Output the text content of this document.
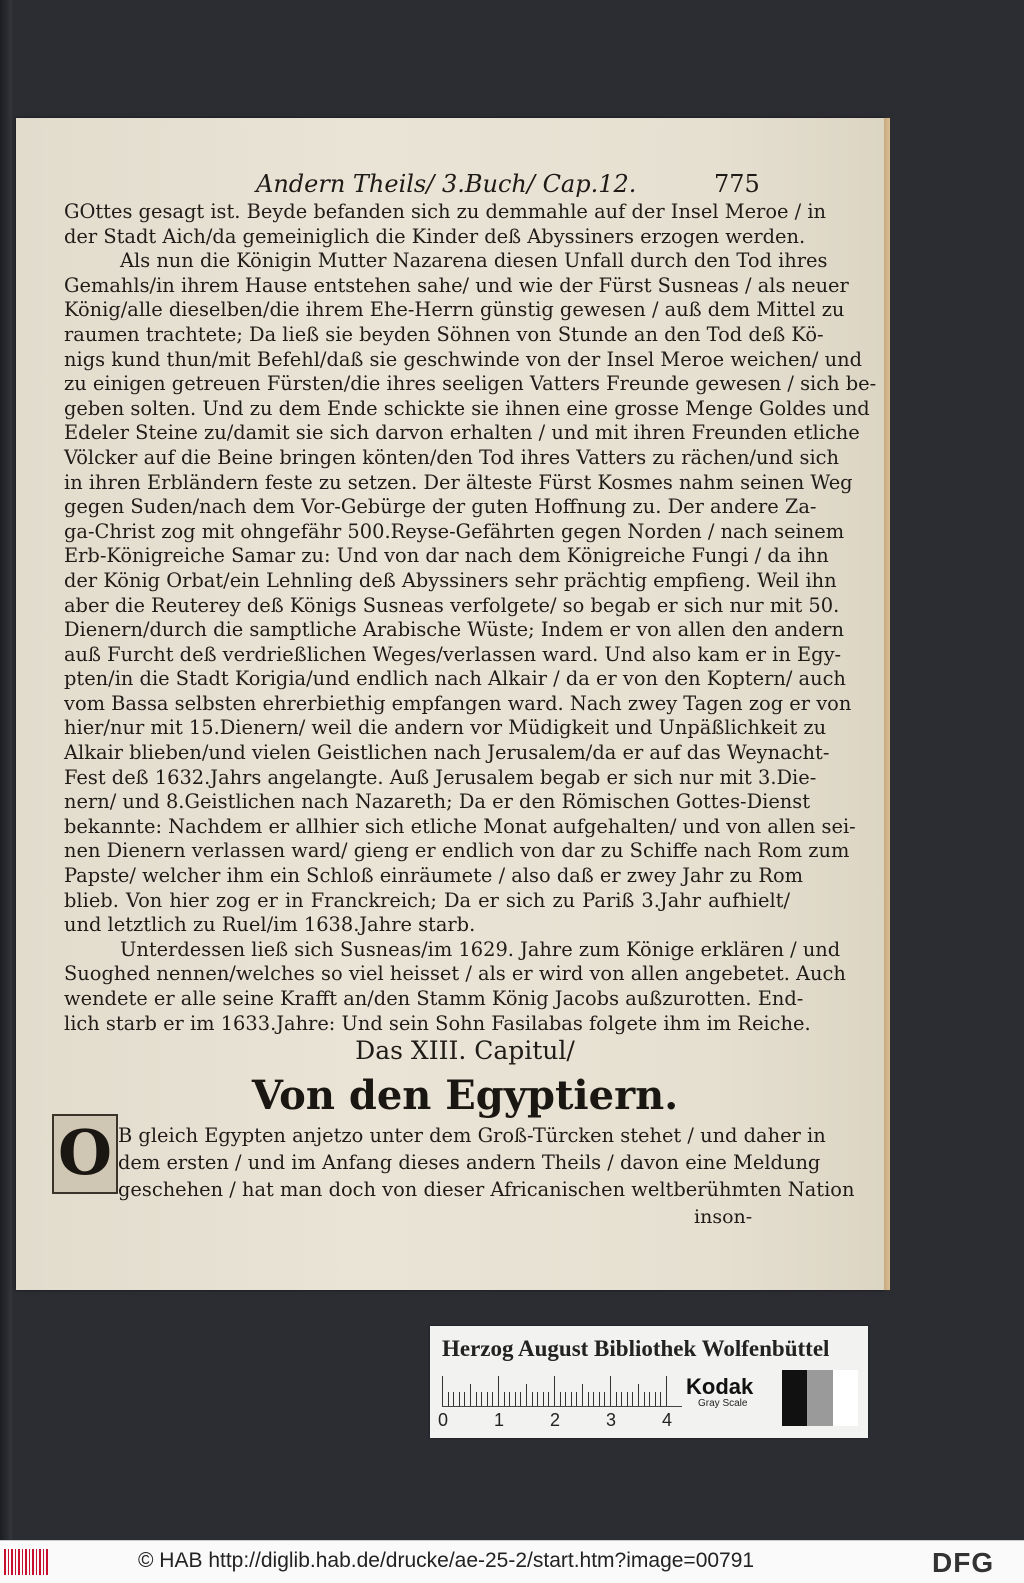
Andern Theils/ 3.Buch/ Cap.12.	775
GOttes gesagt ist. Beyde befanden sich zu demmahle auf der Insel Meroe / in
der Stadt Aich/da gemeiniglich die Kinder deß Abyssiners erzogen werden.
Als nun die Königin Mutter Nazarena diesen Unfall durch den Tod ihres
Gemahls/in ihrem Hause entstehen sahe/ und wie der Fürst Susneas / als neuer
König/alle dieselben/die ihrem Ehe-Herrn günstig gewesen / auß dem Mittel zu
raumen trachtete; Da ließ sie beyden Söhnen von Stunde an den Tod deß Kö-
nigs kund thun/mit Befehl/daß sie geschwinde von der Insel Meroe weichen/ und
zu einigen getreuen Fürsten/die ihres seeligen Vatters Freunde gewesen / sich be-
geben solten. Und zu dem Ende schickte sie ihnen eine grosse Menge Goldes und
Edeler Steine zu/damit sie sich darvon erhalten / und mit ihren Freunden etliche
Völcker auf die Beine bringen könten/den Tod ihres Vatters zu rächen/und sich
in ihren Erbländern feste zu setzen. Der älteste Fürst Kosmes nahm seinen Weg
gegen Suden/nach dem Vor-Gebürge der guten Hoffnung zu. Der andere Za-
ga-Christ zog mit ohngefähr 500.Reyse-Gefährten gegen Norden / nach seinem
Erb-Königreiche Samar zu: Und von dar nach dem Königreiche Fungi / da ihn
der König Orbat/ein Lehnling deß Abyssiners sehr prächtig empfieng. Weil ihn
aber die Reuterey deß Königs Susneas verfolgete/ so begab er sich nur mit 50.
Dienern/durch die samptliche Arabische Wüste; Indem er von allen den andern
auß Furcht deß verdrießlichen Weges/verlassen ward. Und also kam er in Egy-
pten/in die Stadt Korigia/und endlich nach Alkair / da er von den Koptern/ auch
vom Bassa selbsten ehrerbiethig empfangen ward. Nach zwey Tagen zog er von
hier/nur mit 15.Dienern/ weil die andern vor Müdigkeit und Unpäßlichkeit zu
Alkair blieben/und vielen Geistlichen nach Jerusalem/da er auf das Weynacht-
Fest deß 1632.Jahrs angelangte. Auß Jerusalem begab er sich nur mit 3.Die-
nern/ und 8.Geistlichen nach Nazareth; Da er den Römischen Gottes-Dienst
bekannte: Nachdem er allhier sich etliche Monat aufgehalten/ und von allen sei-
nen Dienern verlassen ward/ gieng er endlich von dar zu Schiffe nach Rom zum
Papste/ welcher ihm ein Schloß einräumete / also daß er zwey Jahr zu Rom
blieb. Von hier zog er in Franckreich; Da er sich zu Pariß 3.Jahr aufhielt/
und letztlich zu Ruel/im 1638.Jahre starb.
Unterdessen ließ sich Susneas/im 1629. Jahre zum Könige erklären / und
Suoghed nennen/welches so viel heisset / als er wird von allen angebetet. Auch
wendete er alle seine Krafft an/den Stamm König Jacobs außzurotten. End-
lich starb er im 1633.Jahre: Und sein Sohn Fasilabas folgete ihm im Reiche.
Das XIII. Capitul/
Von den Egyptiern.
O B gleich Egypten anjetzo unter dem Groß-Türcken stehet / und daher in
dem ersten / und im Anfang dieses andern Theils / davon eine Meldung
geschehen / hat man doch von dieser Africanischen weltberühmten Nation
inson-
Herzog August Bibliothek Wolfenbüttel
0	1	2	3	4
Kodak
Gray Scale
© HAB http://diglib.hab.de/drucke/ae-25-2/start.htm?image=00791	DFG
